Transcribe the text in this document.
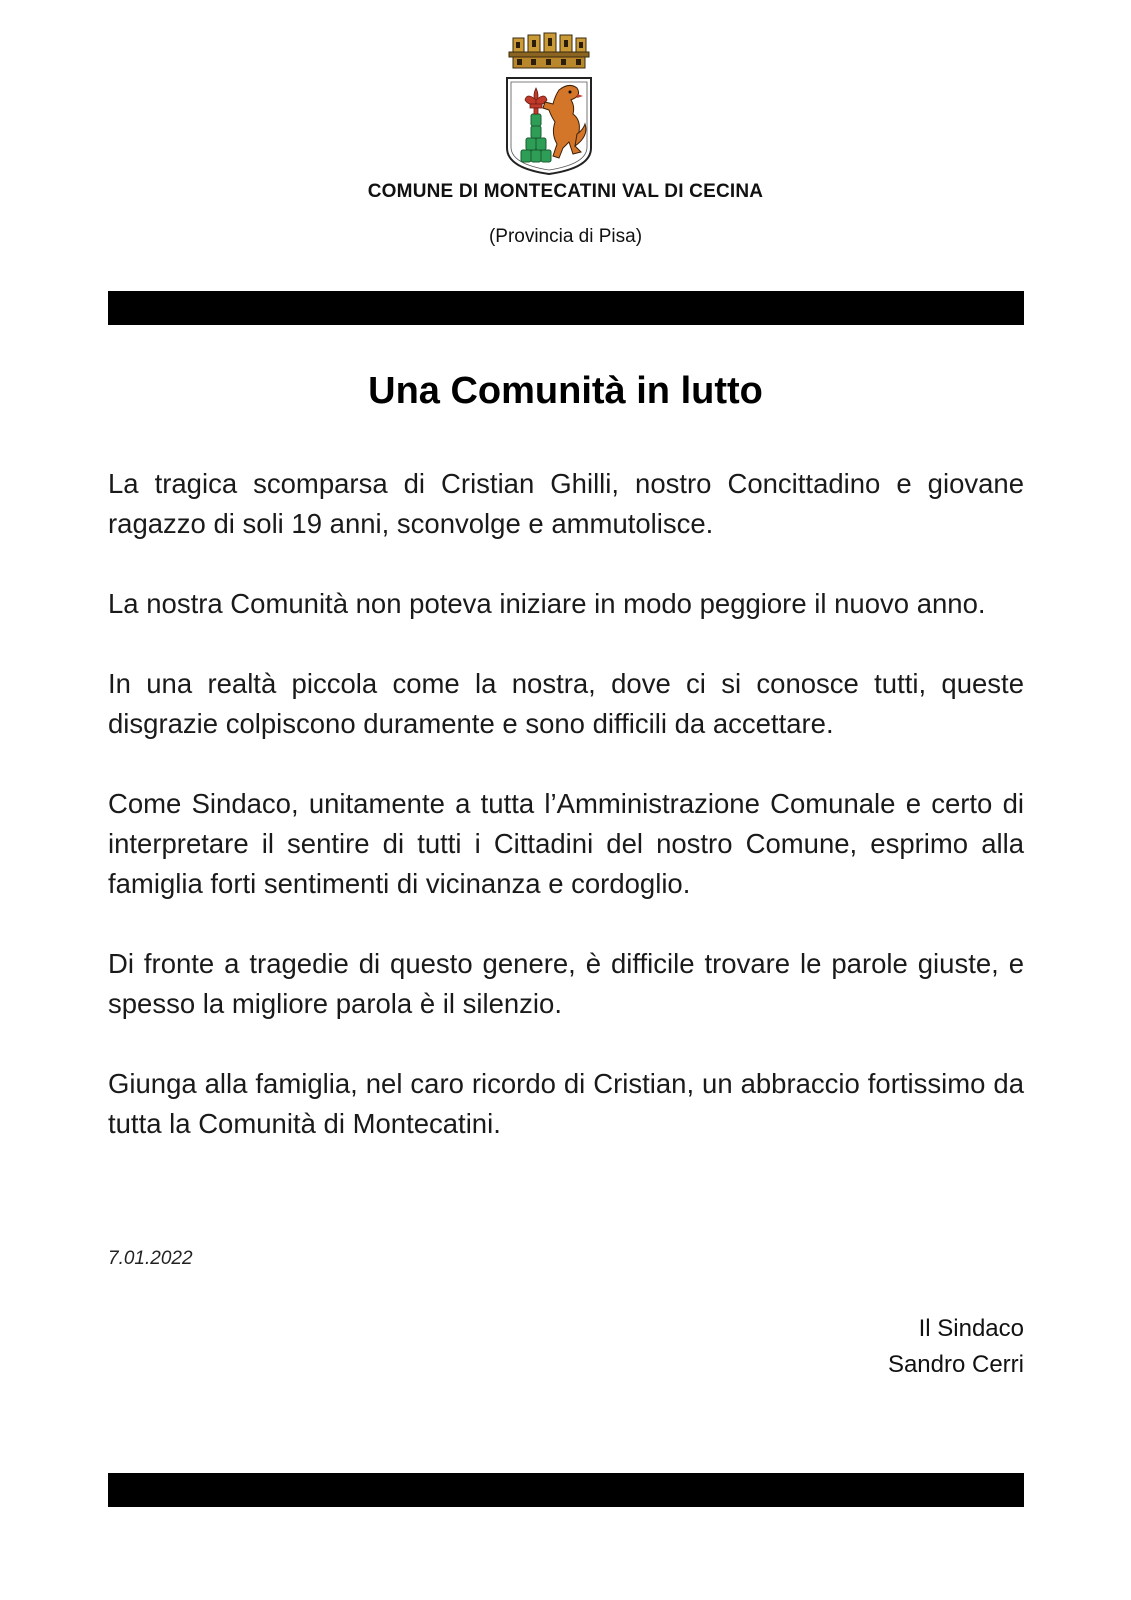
COMUNE DI MONTECATINI VAL DI CECINA
(Provincia di Pisa)
Una Comunità in lutto

La tragica scomparsa di Cristian Ghilli, nostro Concittadino e giovane ragazzo di soli 19 anni, sconvolge e ammutolisce.

La nostra Comunità non poteva iniziare in modo peggiore il nuovo anno.

In una realtà piccola come la nostra, dove ci si conosce tutti, queste disgrazie colpiscono duramente e sono difficili da accettare.

Come Sindaco, unitamente a tutta l’Amministrazione Comunale e certo di interpretare il sentire di tutti i Cittadini del nostro Comune, esprimo alla famiglia forti sentimenti di vicinanza e cordoglio.

Di fronte a tragedie di questo genere, è difficile trovare le parole giuste, e spesso la migliore parola è il silenzio.

Giunga alla famiglia, nel caro ricordo di Cristian, un abbraccio fortissimo da tutta la Comunità di Montecatini.

7.01.2022
Il Sindaco
Sandro Cerri
